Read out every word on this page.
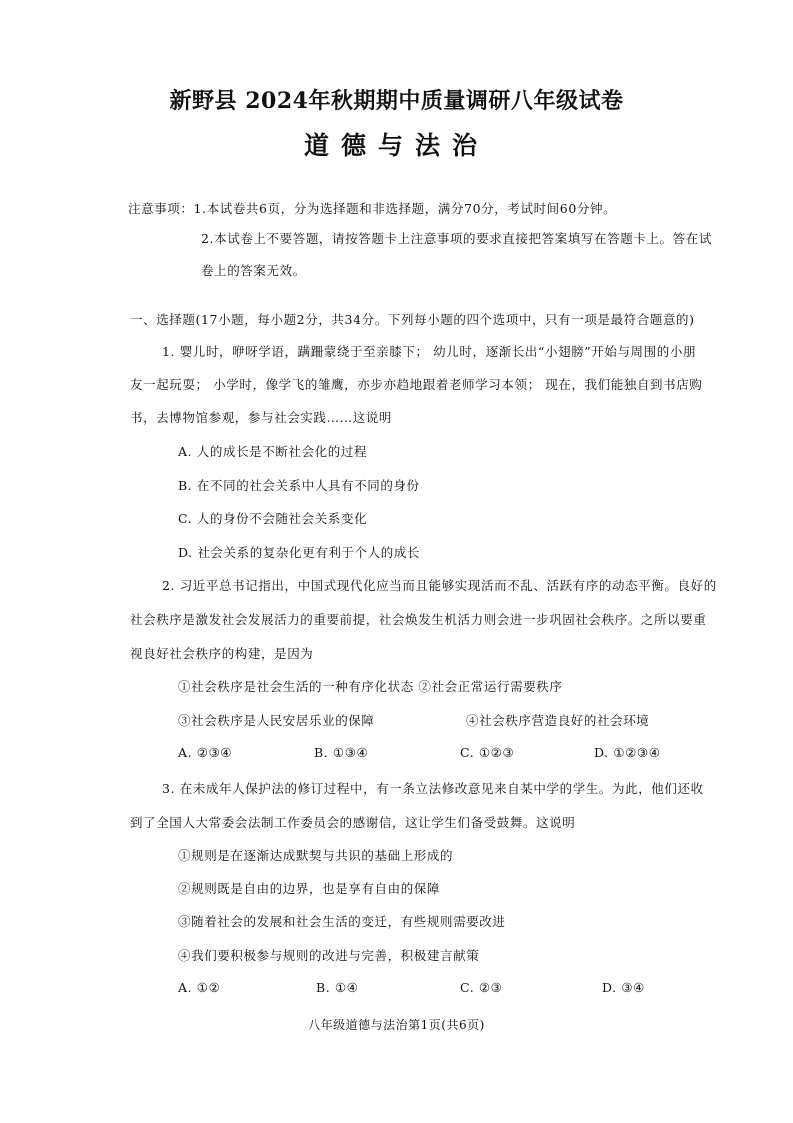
新野县 2024年秋期期中质量调研八年级试卷
道德与法治
注意事项：1.本试卷共6页，分为选择题和非选择题，满分70分，考试时间60分钟。
2.本试卷上不要答题，请按答题卡上注意事项的要求直接把答案填写在答题卡上。答在试
卷上的答案无效。
一、选择题(17小题，每小题2分，共34分。下列每小题的四个选项中，只有一项是最符合题意的)
1. 婴儿时，咿呀学语，蹒跚蒙绕于至亲膝下； 幼儿时，逐渐长出“小翅膀”开始与周围的小朋
友一起玩耍； 小学时，像学飞的雏鹰，亦步亦趋地跟着老师学习本领； 现在，我们能独自到书店购
书，去博物馆参观，参与社会实践……这说明
A. 人的成长是不断社会化的过程
B. 在不同的社会关系中人具有不同的身份
C. 人的身份不会随社会关系变化
D. 社会关系的复杂化更有利于个人的成长
2. 习近平总书记指出，中国式现代化应当而且能够实现活而不乱、活跃有序的动态平衡。良好的
社会秩序是激发社会发展活力的重要前提，社会焕发生机活力则会进一步巩固社会秩序。之所以要重
视良好社会秩序的构建，是因为
①社会秩序是社会生活的一种有序化状态 ②社会正常运行需要秩序
③社会秩序是人民安居乐业的保障	④社会秩序营造良好的社会环境
A. ②③④	B. ①③④	C. ①②③	D. ①②③④
3. 在未成年人保护法的修订过程中，有一条立法修改意见来自某中学的学生。为此，他们还收
到了全国人大常委会法制工作委员会的感谢信，这让学生们备受鼓舞。这说明
①规则是在逐渐达成默契与共识的基础上形成的
②规则既是自由的边界，也是享有自由的保障
③随着社会的发展和社会生活的变迁，有些规则需要改进
④我们要积极参与规则的改进与完善，积极建言献策
A. ①②	B. ①④	C. ②③	D. ③④
八年级道德与法治第1页(共6页)
